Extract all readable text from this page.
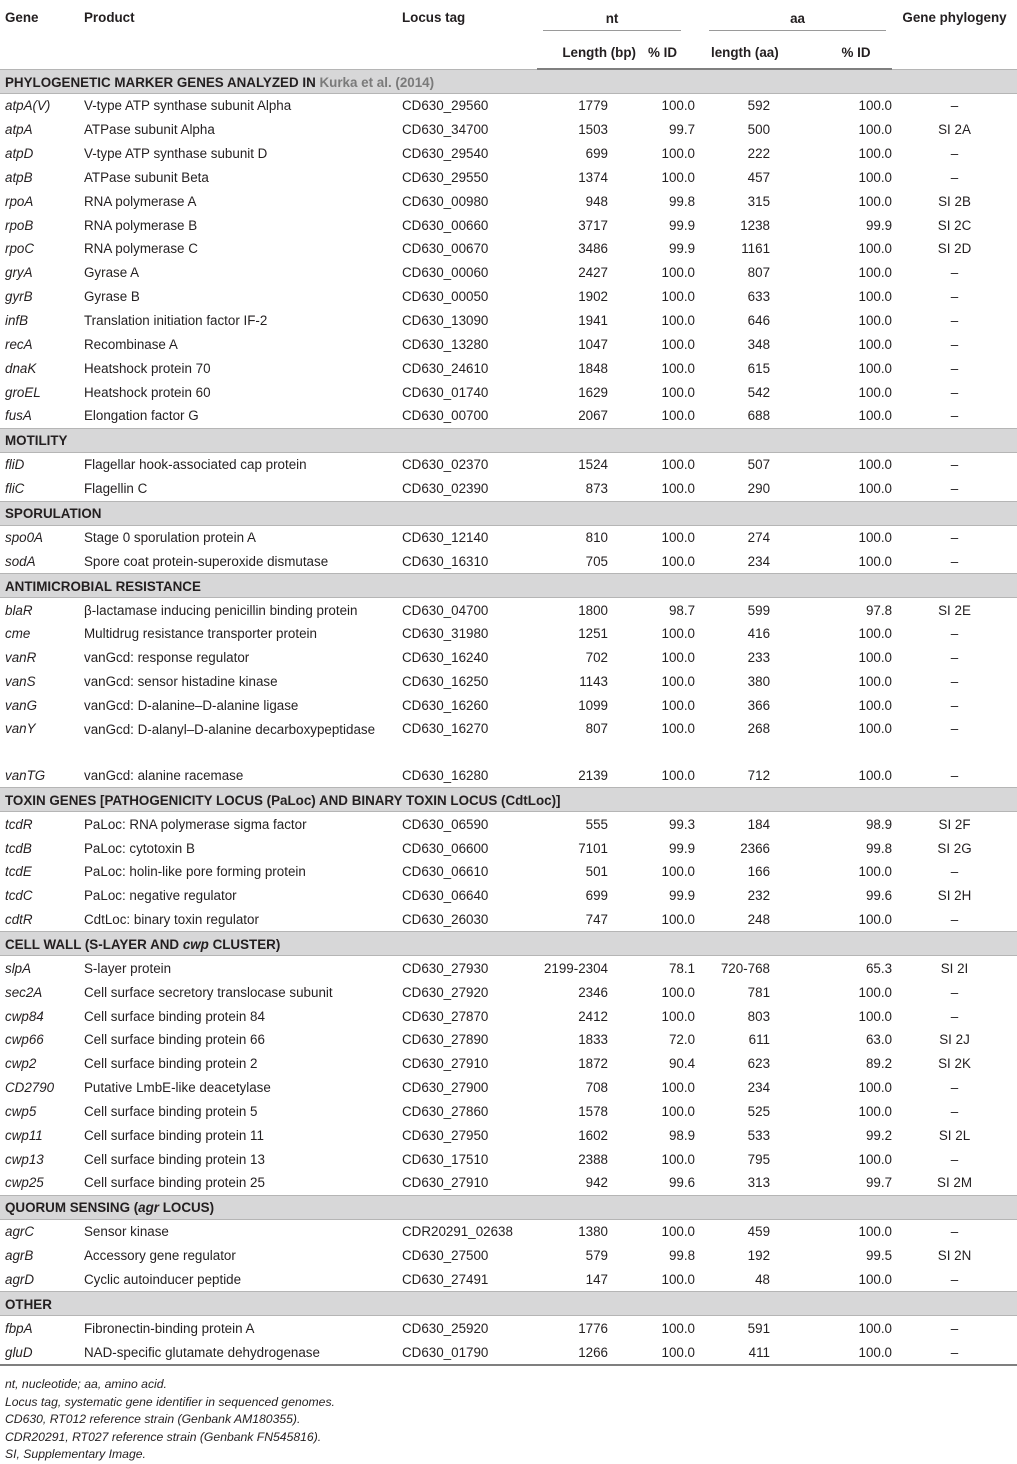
Gene	Product	Locus tag	nt		aa		Gene phylogeny
			Length (bp)	% ID	length (aa)	% ID	
PHYLOGENETIC MARKER GENES ANALYZED IN Kurka et al. (2014)							
atpA(V)	V-type ATP synthase subunit Alpha	CD630_29560	1779	100.0	592	100.0	–
atpA	ATPase subunit Alpha	CD630_34700	1503	99.7	500	100.0	SI 2A
atpD	V-type ATP synthase subunit D	CD630_29540	699	100.0	222	100.0	–
atpB	ATPase subunit Beta	CD630_29550	1374	100.0	457	100.0	–
rpoA	RNA polymerase A	CD630_00980	948	99.8	315	100.0	SI 2B
rpoB	RNA polymerase B	CD630_00660	3717	99.9	1238	99.9	SI 2C
rpoC	RNA polymerase C	CD630_00670	3486	99.9	1161	100.0	SI 2D
gryA	Gyrase A	CD630_00060	2427	100.0	807	100.0	–
gyrB	Gyrase B	CD630_00050	1902	100.0	633	100.0	–
infB	Translation initiation factor IF-2	CD630_13090	1941	100.0	646	100.0	–
recA	Recombinase A	CD630_13280	1047	100.0	348	100.0	–
dnaK	Heatshock protein 70	CD630_24610	1848	100.0	615	100.0	–
groEL	Heatshock protein 60	CD630_01740	1629	100.0	542	100.0	–
fusA	Elongation factor G	CD630_00700	2067	100.0	688	100.0	–
MOTILITY							
fliD	Flagellar hook-associated cap protein	CD630_02370	1524	100.0	507	100.0	–
fliC	Flagellin C	CD630_02390	873	100.0	290	100.0	–
SPORULATION							
spo0A	Stage 0 sporulation protein A	CD630_12140	810	100.0	274	100.0	–
sodA	Spore coat protein-superoxide dismutase	CD630_16310	705	100.0	234	100.0	–
ANTIMICROBIAL RESISTANCE							
blaR	β-lactamase inducing penicillin binding protein	CD630_04700	1800	98.7	599	97.8	SI 2E
cme	Multidrug resistance transporter protein	CD630_31980	1251	100.0	416	100.0	–
vanR	vanGcd: response regulator	CD630_16240	702	100.0	233	100.0	–
vanS	vanGcd: sensor histadine kinase	CD630_16250	1143	100.0	380	100.0	–
vanG	vanGcd: D-alanine–D-alanine ligase	CD630_16260	1099	100.0	366	100.0	–
vanY	vanGcd: D-alanyl–D-alanine decarboxypeptidase	CD630_16270	807	100.0	268	100.0	–
vanTG	vanGcd: alanine racemase	CD630_16280	2139	100.0	712	100.0	–
TOXIN GENES [PATHOGENICITY LOCUS (PaLoc) AND BINARY TOXIN LOCUS (CdtLoc)]							
tcdR	PaLoc: RNA polymerase sigma factor	CD630_06590	555	99.3	184	98.9	SI 2F
tcdB	PaLoc: cytotoxin B	CD630_06600	7101	99.9	2366	99.8	SI 2G
tcdE	PaLoc: holin-like pore forming protein	CD630_06610	501	100.0	166	100.0	–
tcdC	PaLoc: negative regulator	CD630_06640	699	99.9	232	99.6	SI 2H
cdtR	CdtLoc: binary toxin regulator	CD630_26030	747	100.0	248	100.0	–
CELL WALL (S-LAYER AND cwp CLUSTER)							
slpA	S-layer protein	CD630_27930	2199-2304	78.1	720-768	65.3	SI 2I
sec2A	Cell surface secretory translocase subunit	CD630_27920	2346	100.0	781	100.0	–
cwp84	Cell surface binding protein 84	CD630_27870	2412	100.0	803	100.0	–
cwp66	Cell surface binding protein 66	CD630_27890	1833	72.0	611	63.0	SI 2J
cwp2	Cell surface binding protein 2	CD630_27910	1872	90.4	623	89.2	SI 2K
CD2790	Putative LmbE-like deacetylase	CD630_27900	708	100.0	234	100.0	–
cwp5	Cell surface binding protein 5	CD630_27860	1578	100.0	525	100.0	–
cwp11	Cell surface binding protein 11	CD630_27950	1602	98.9	533	99.2	SI 2L
cwp13	Cell surface binding protein 13	CD630_17510	2388	100.0	795	100.0	–
cwp25	Cell surface binding protein 25	CD630_27910	942	99.6	313	99.7	SI 2M
QUORUM SENSING (agr LOCUS)							
agrC	Sensor kinase	CDR20291_02638	1380	100.0	459	100.0	–
agrB	Accessory gene regulator	CD630_27500	579	99.8	192	99.5	SI 2N
agrD	Cyclic autoinducer peptide	CD630_27491	147	100.0	48	100.0	–
OTHER							
fbpA	Fibronectin-binding protein A	CD630_25920	1776	100.0	591	100.0	–
gluD	NAD-specific glutamate dehydrogenase	CD630_01790	1266	100.0	411	100.0	–
nt, nucleotide; aa, amino acid.
Locus tag, systematic gene identifier in sequenced genomes.
CD630, RT012 reference strain (Genbank AM180355).
CDR20291, RT027 reference strain (Genbank FN545816).
SI, Supplementary Image.
